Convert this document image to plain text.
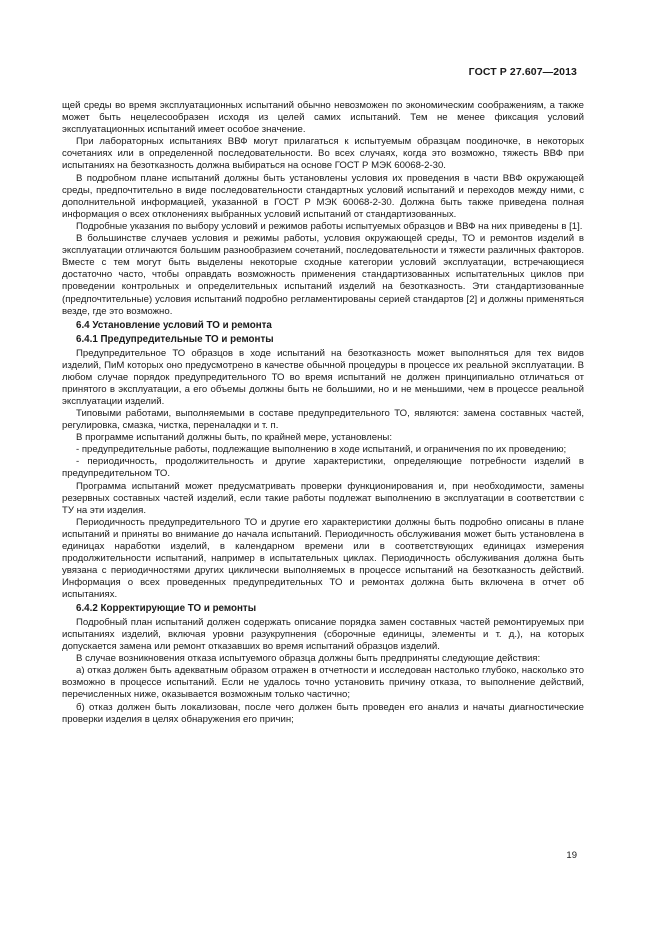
ГОСТ Р 27.607—2013

щей среды во время эксплуатационных испытаний обычно невозможен по экономическим соображениям, а также может быть нецелесообразен исходя из целей самих испытаний. Тем не менее фиксация условий эксплуатационных испытаний имеет особое значение.

При лабораторных испытаниях ВВФ могут прилагаться к испытуемым образцам поодиночке, в некоторых сочетаниях или в определенной последовательности. Во всех случаях, когда это возможно, тяжесть ВВФ при испытаниях на безотказность должна выбираться на основе ГОСТ Р МЭК 60068-2-30.

В подробном плане испытаний должны быть установлены условия их проведения в части ВВФ окружающей среды, предпочтительно в виде последовательности стандартных условий испытаний и переходов между ними, с дополнительной информацией, указанной в ГОСТ Р МЭК 60068-2-30. Должна быть также приведена полная информация о всех отклонениях выбранных условий испытаний от стандартизованных.

Подробные указания по выбору условий и режимов работы испытуемых образцов и ВВФ на них приведены в [1].

В большинстве случаев условия и режимы работы, условия окружающей среды, ТО и ремонтов изделий в эксплуатации отличаются большим разнообразием сочетаний, последовательности и тяжести различных факторов. Вместе с тем могут быть выделены некоторые сходные категории условий эксплуатации, встречающиеся достаточно часто, чтобы оправдать возможность применения стандартизованных испытательных циклов при проведении контрольных и определительных испытаний изделий на безотказность. Эти стандартизованные (предпочтительные) условия испытаний подробно регламентированы серией стандартов [2] и должны применяться везде, где это возможно.

6.4 Установление условий ТО и ремонта
6.4.1 Предупредительные ТО и ремонты

Предупредительное ТО образцов в ходе испытаний на безотказность может выполняться для тех видов изделий, ПиМ которых оно предусмотрено в качестве обычной процедуры в процессе их реальной эксплуатации. В любом случае порядок предупредительного ТО во время испытаний не должен принципиально отличаться от принятого в эксплуатации, а его объемы должны быть не большими, но и не меньшими, чем в процессе реальной эксплуатации изделий.

Типовыми работами, выполняемыми в составе предупредительного ТО, являются: замена составных частей, регулировка, смазка, чистка, переналадки и т. п.

В программе испытаний должны быть, по крайней мере, установлены:

- предупредительные работы, подлежащие выполнению в ходе испытаний, и ограничения по их проведению;

- периодичность, продолжительность и другие характеристики, определяющие потребности изделий в предупредительном ТО.

Программа испытаний может предусматривать проверки функционирования и, при необходимости, замены резервных составных частей изделий, если такие работы подлежат выполнению в эксплуатации в соответствии с ТУ на эти изделия.

Периодичность предупредительного ТО и другие его характеристики должны быть подробно описаны в плане испытаний и приняты во внимание до начала испытаний. Периодичность обслуживания может быть установлена в единицах наработки изделий, в календарном времени или в соответствующих единицах измерения продолжительности испытаний, например в испытательных циклах. Периодичность обслуживания должна быть увязана с периодичностями других циклически выполняемых в процессе испытаний на безотказность действий. Информация о всех проведенных предупредительных ТО и ремонтах должна быть включена в отчет об испытаниях.

6.4.2 Корректирующие ТО и ремонты

Подробный план испытаний должен содержать описание порядка замен составных частей ремонтируемых при испытаниях изделий, включая уровни разукрупнения (сборочные единицы, элементы и т. д.), на которых допускается замена или ремонт отказавших во время испытаний образцов изделий.

В случае возникновения отказа испытуемого образца должны быть предприняты следующие действия:

а) отказ должен быть адекватным образом отражен в отчетности и исследован настолько глубоко, насколько это возможно в процессе испытаний. Если не удалось точно установить причину отказа, то выполнение действий, перечисленных ниже, оказывается возможным только частично;

б) отказ должен быть локализован, после чего должен быть проведен его анализ и начаты диагностические проверки изделия в целях обнаружения его причин;

19
